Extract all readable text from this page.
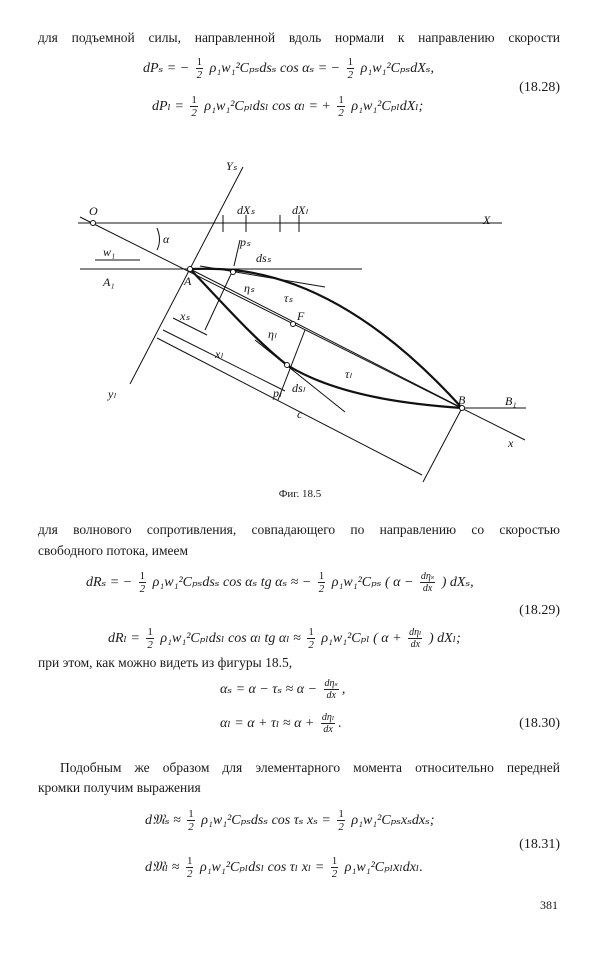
для подъемной силы, направленной вдоль нормали к направлению скорости
dPₛ = − $\frac{1}{2} \rho_1w_1^2C_{ps}ds_s$ cos αₛ = − $\frac{1}{2} \rho_1w_1^2C_{ps}dX_s$,
$dP_l = \frac{1}{2} \rho_1w_1^2C_{pl}ds_l$ cos αₗ = + $\frac{1}{2} \rho_1w_1^2C_{pl}dX_l$;
(18.28)
O
X
Yₛ
dXₛ	dXₗ
α
w₁
A₁	A
pₛ
dsₛ
ηₛ
τₛ
F
xₛ
ηₗ
xₗ
τₗ
yₗ	pₗ dsₗ
c
B	B₁
x
Фиг. 18.5
для волнового сопротивления, совпадающего по направлению со скоростью
свободного потока, имеем
dRₛ = − $\frac{1}{2} \rho_1w_1^2C_{ps}ds_s$ cos αₛ tg αₛ ≈ − $\frac{1}{2} \rho_1w_1^2C_{ps}$ ( $\alpha - \frac{\text{dηₛ}}{dx}$ ) dXₛ,
$dR_l = \frac{1}{2} \rho_1w_1^2C_{pl}ds_l$ cos αₗ tg $\alpha_l \approx \frac{1}{2} \rho_1w_1^2C_{pl}$ ( $\alpha + \frac{\text{dηₗ}}{dx}$ ) dXₗ;
(18.29)
при этом, как можно видеть из фигуры 18.5,
$\alpha_s = \alpha - \tau_s \approx \alpha - \frac{\text{dηₛ}}{dx}$ ,
$\alpha_l = \alpha + \tau_l \approx \alpha + \frac{\text{dηₗ}}{dx}$ .	(18.30)
Подобным же образом для элементарного момента относительно передней
кромки получим выражения
d𝔐ₛ ≈ $\frac{1}{2} \rho_1w_1^2C_{ps}ds_s$ cos τₛ $x_s = \frac{1}{2} \rho_1w_1^2C_{ps}x_sdx_s$;
d𝔐ₗ ≈ $\frac{1}{2} \rho_1w_1^2C_{pl}ds_l$ cos τₗ $x_l = \frac{1}{2} \rho_1w_1^2C_{pl}x_ldx_l$.
(18.31)
381
